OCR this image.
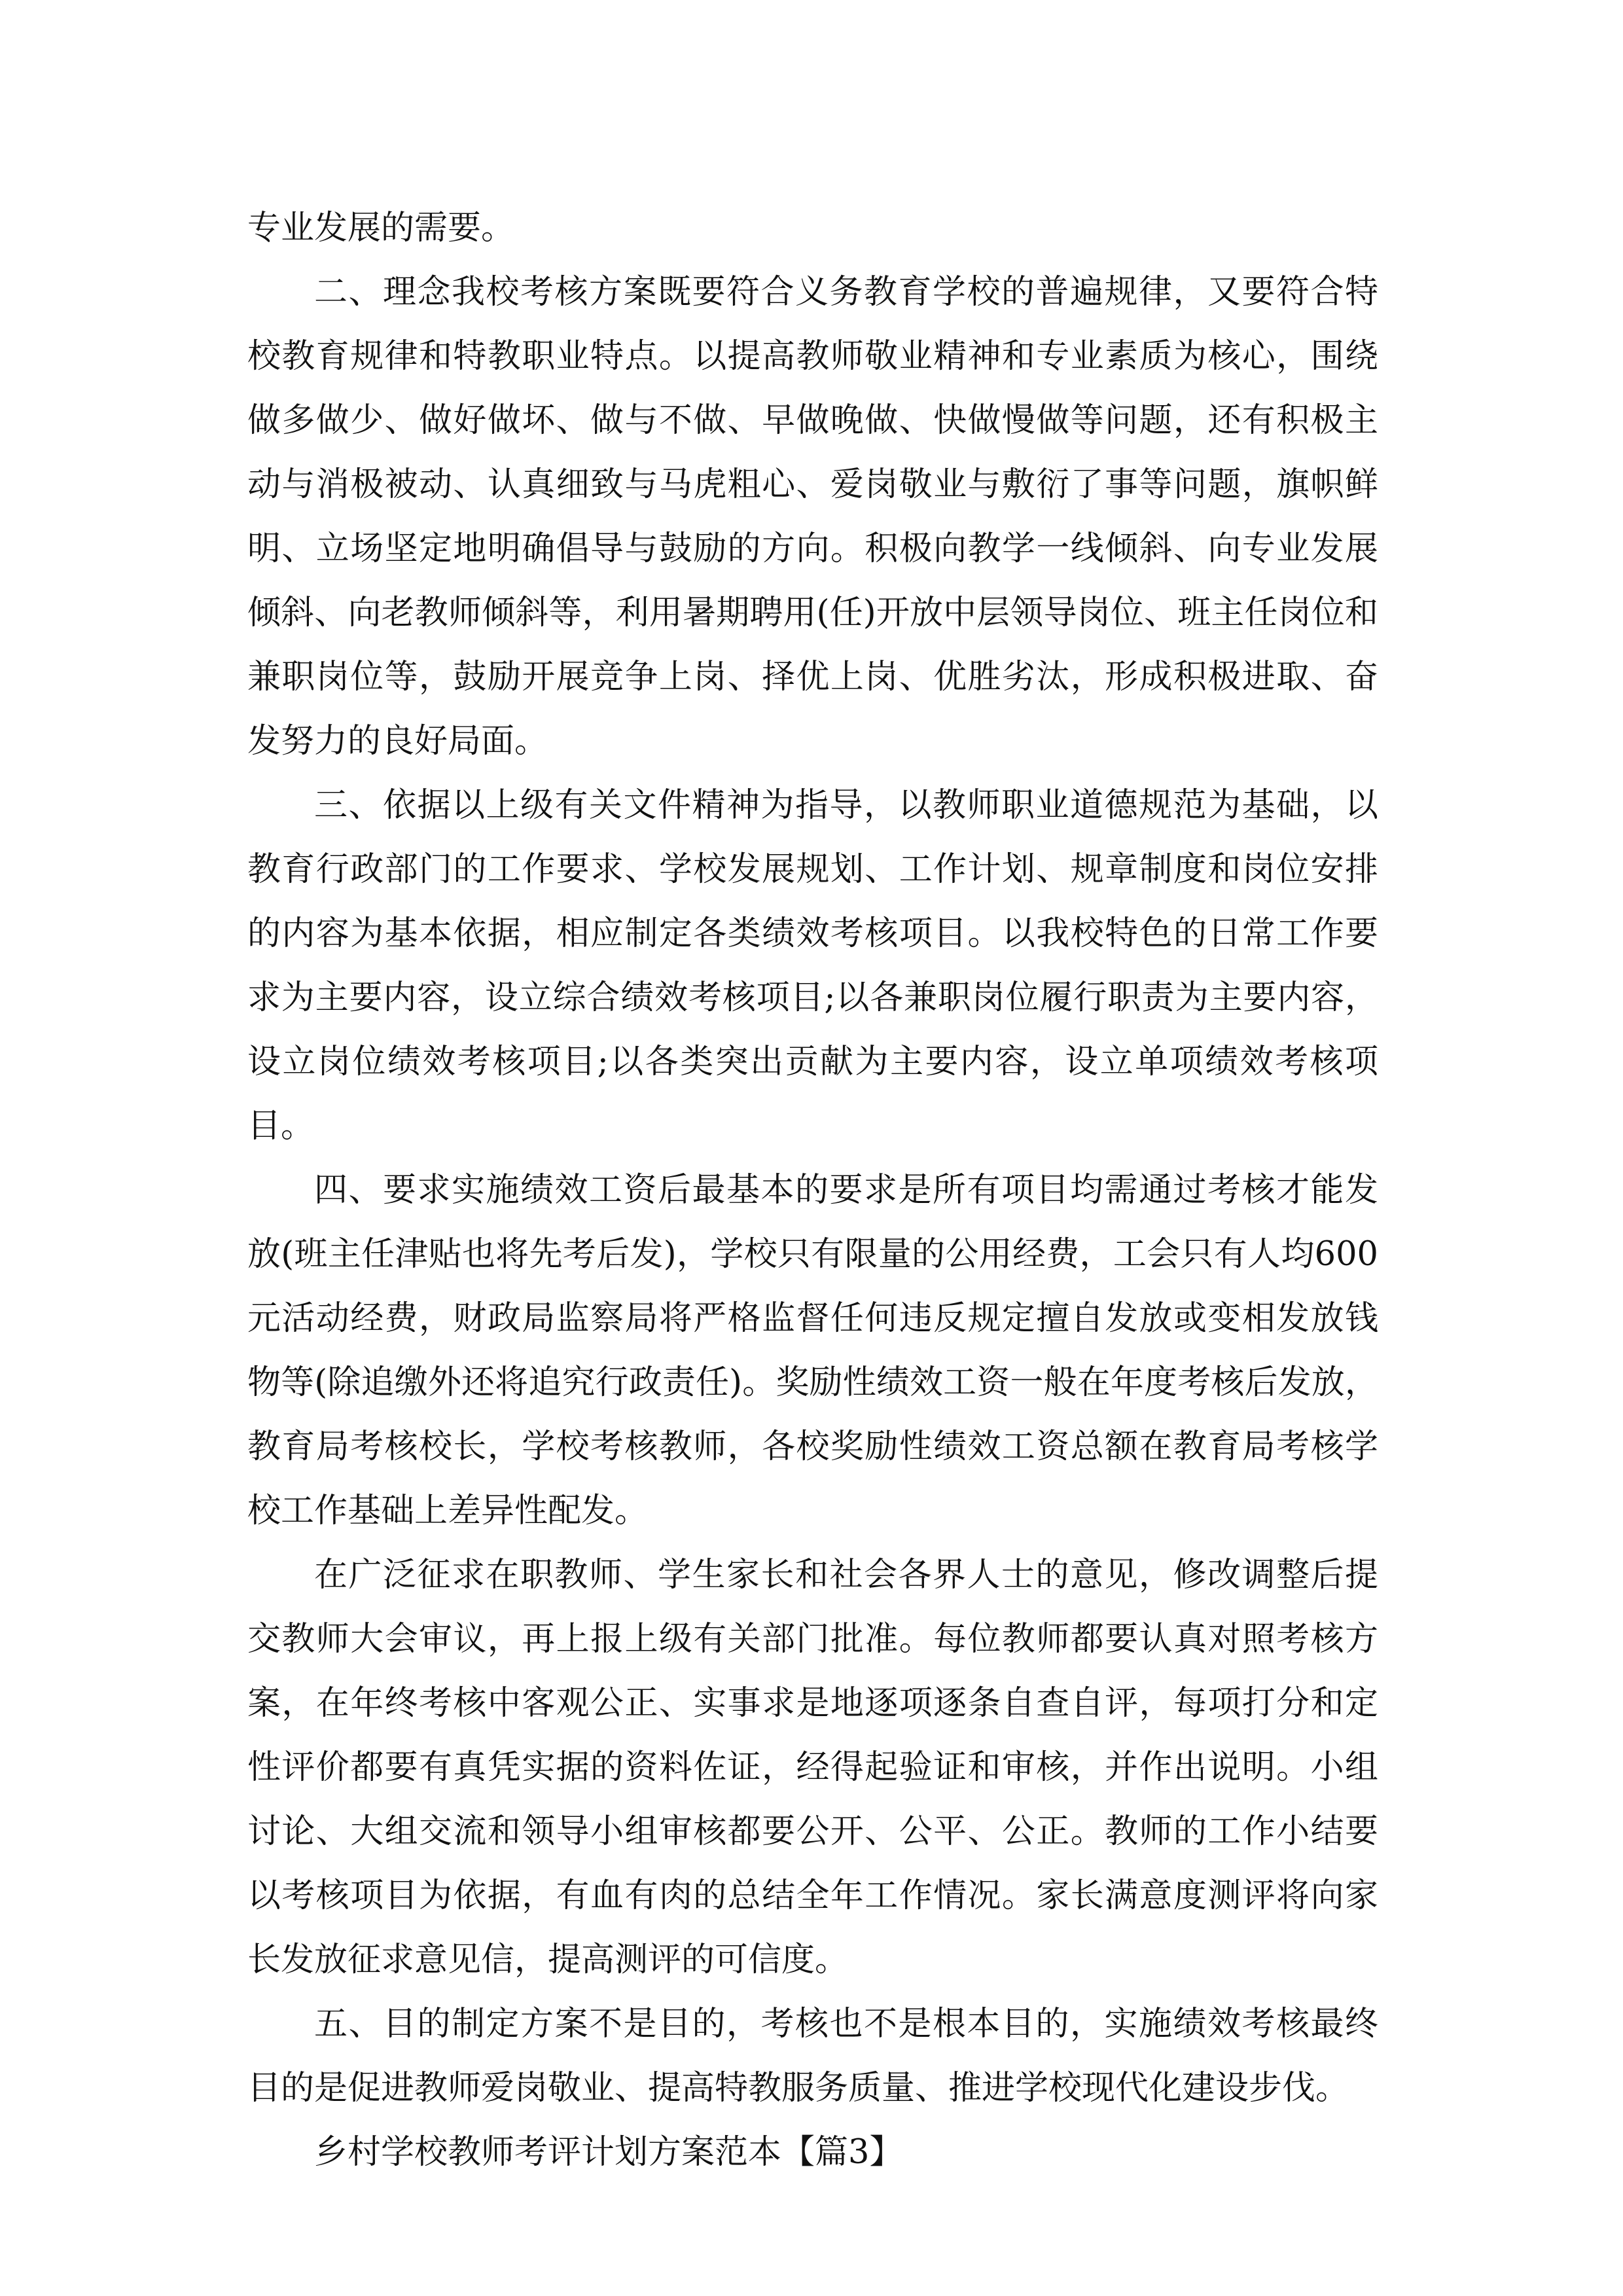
专业发展的需要。

二、理念我校考核方案既要符合义务教育学校的普遍规律，又要符合特校教育规律和特教职业特点。以提高教师敬业精神和专业素质为核心，围绕做多做少、做好做坏、做与不做、早做晚做、快做慢做等问题，还有积极主动与消极被动、认真细致与马虎粗心、爱岗敬业与敷衍了事等问题，旗帜鲜明、立场坚定地明确倡导与鼓励的方向。积极向教学一线倾斜、向专业发展倾斜、向老教师倾斜等，利用暑期聘用(任)开放中层领导岗位、班主任岗位和兼职岗位等，鼓励开展竞争上岗、择优上岗、优胜劣汰，形成积极进取、奋发努力的良好局面。

三、依据以上级有关文件精神为指导，以教师职业道德规范为基础，以教育行政部门的工作要求、学校发展规划、工作计划、规章制度和岗位安排的内容为基本依据，相应制定各类绩效考核项目。以我校特色的日常工作要求为主要内容，设立综合绩效考核项目;以各兼职岗位履行职责为主要内容，设立岗位绩效考核项目;以各类突出贡献为主要内容，设立单项绩效考核项目。

四、要求实施绩效工资后最基本的要求是所有项目均需通过考核才能发放(班主任津贴也将先考后发)，学校只有限量的公用经费，工会只有人均600元活动经费，财政局监察局将严格监督任何违反规定擅自发放或变相发放钱物等(除追缴外还将追究行政责任)。奖励性绩效工资一般在年度考核后发放，教育局考核校长，学校考核教师，各校奖励性绩效工资总额在教育局考核学校工作基础上差异性配发。

在广泛征求在职教师、学生家长和社会各界人士的意见，修改调整后提交教师大会审议，再上报上级有关部门批准。每位教师都要认真对照考核方案，在年终考核中客观公正、实事求是地逐项逐条自查自评，每项打分和定性评价都要有真凭实据的资料佐证，经得起验证和审核，并作出说明。小组讨论、大组交流和领导小组审核都要公开、公平、公正。教师的工作小结要以考核项目为依据，有血有肉的总结全年工作情况。家长满意度测评将向家长发放征求意见信，提高测评的可信度。

五、目的制定方案不是目的，考核也不是根本目的，实施绩效考核最终目的是促进教师爱岗敬业、提高特教服务质量、推进学校现代化建设步伐。

乡村学校教师考评计划方案范本【篇3】
